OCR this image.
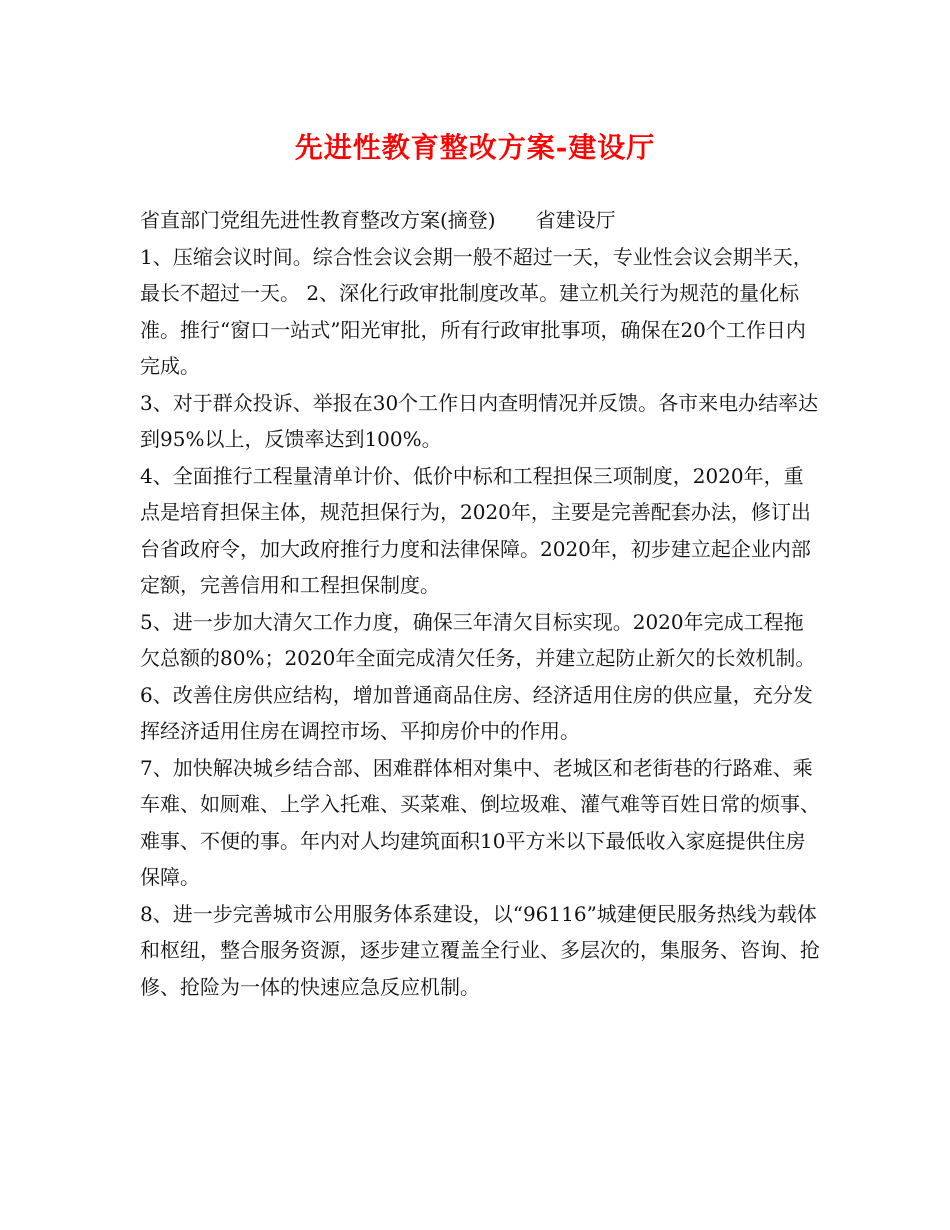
先进性教育整改方案-建设厅

省直部门党组先进性教育整改方案(摘登)　　省建设厅

1、压缩会议时间。综合性会议会期一般不超过一天，专业性会议会期半天，最长不超过一天。 2、深化行政审批制度改革。建立机关行为规范的量化标准。推行“窗口一站式”阳光审批，所有行政审批事项，确保在20个工作日内完成。

3、对于群众投诉、举报在30个工作日内查明情况并反馈。各市来电办结率达到95%以上，反馈率达到100%。

4、全面推行工程量清单计价、低价中标和工程担保三项制度，2020年，重点是培育担保主体，规范担保行为，2020年，主要是完善配套办法，修订出台省政府令，加大政府推行力度和法律保障。2020年，初步建立起企业内部定额，完善信用和工程担保制度。

5、进一步加大清欠工作力度，确保三年清欠目标实现。2020年完成工程拖欠总额的80%；2020年全面完成清欠任务，并建立起防止新欠的长效机制。

6、改善住房供应结构，增加普通商品住房、经济适用住房的供应量，充分发挥经济适用住房在调控市场、平抑房价中的作用。

7、加快解决城乡结合部、困难群体相对集中、老城区和老街巷的行路难、乘车难、如厕难、上学入托难、买菜难、倒垃圾难、灌气难等百姓日常的烦事、难事、不便的事。年内对人均建筑面积10平方米以下最低收入家庭提供住房保障。

8、进一步完善城市公用服务体系建设，以“96116”城建便民服务热线为载体和枢纽，整合服务资源，逐步建立覆盖全行业、多层次的，集服务、咨询、抢修、抢险为一体的快速应急反应机制。
